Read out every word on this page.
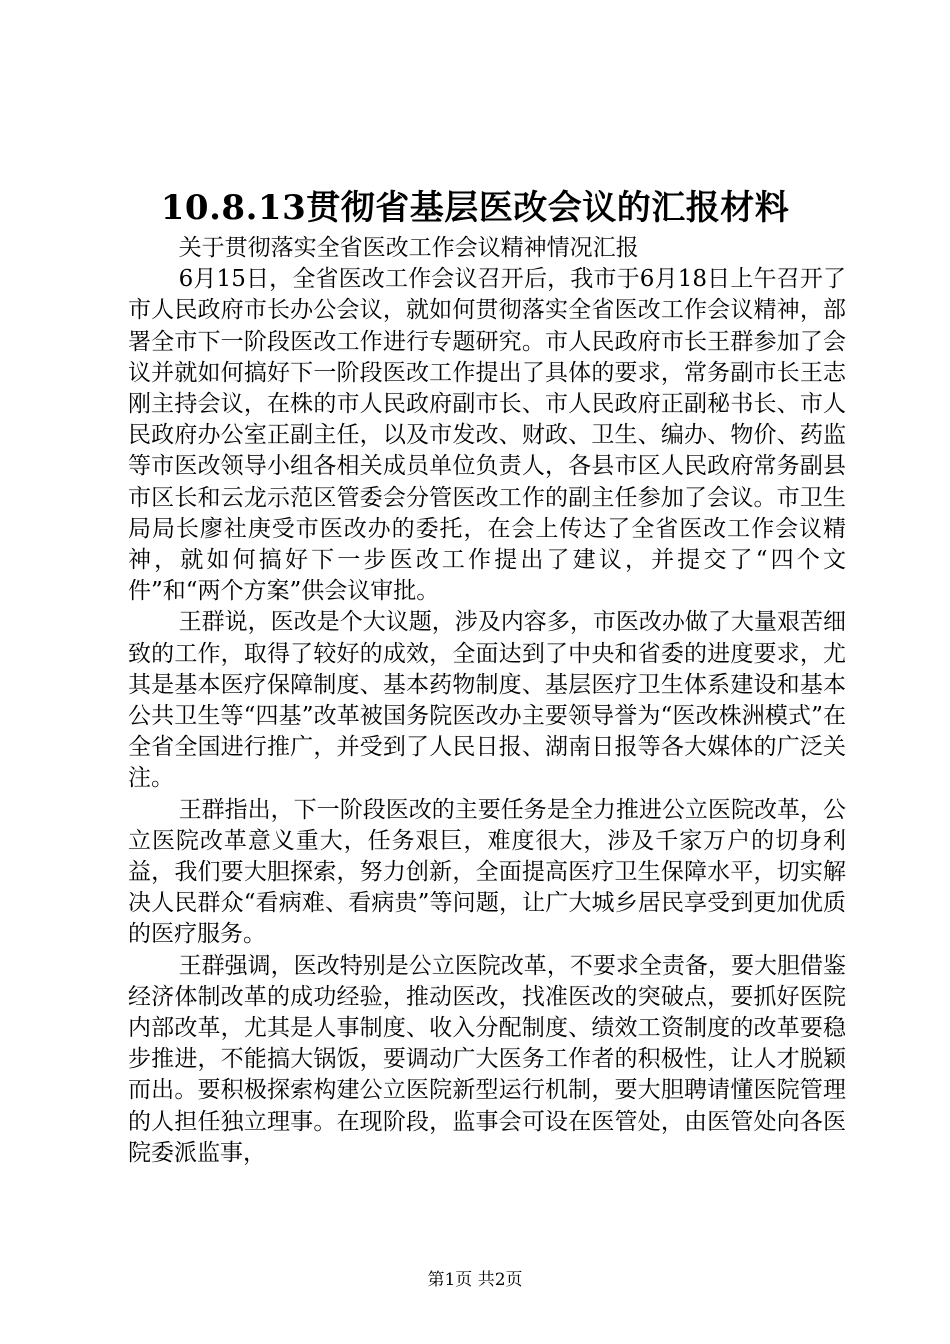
10.8.13贯彻省基层医改会议的汇报材料

关于贯彻落实全省医改工作会议精神情况汇报

6月15日，全省医改工作会议召开后，我市于6月18日上午召开了市人民政府市长办公会议，就如何贯彻落实全省医改工作会议精神，部署全市下一阶段医改工作进行专题研究。市人民政府市长王群参加了会议并就如何搞好下一阶段医改工作提出了具体的要求，常务副市长王志刚主持会议，在株的市人民政府副市长、市人民政府正副秘书长、市人民政府办公室正副主任，以及市发改、财政、卫生、编办、物价、药监等市医改领导小组各相关成员单位负责人，各县市区人民政府常务副县市区长和云龙示范区管委会分管医改工作的副主任参加了会议。市卫生局局长廖社庚受市医改办的委托，在会上传达了全省医改工作会议精神，就如何搞好下一步医改工作提出了建议，并提交了“四个文件”和“两个方案”供会议审批。

王群说，医改是个大议题，涉及内容多，市医改办做了大量艰苦细致的工作，取得了较好的成效，全面达到了中央和省委的进度要求，尤其是基本医疗保障制度、基本药物制度、基层医疗卫生体系建设和基本公共卫生等“四基”改革被国务院医改办主要领导誉为“医改株洲模式”在全省全国进行推广，并受到了人民日报、湖南日报等各大媒体的广泛关注。

王群指出，下一阶段医改的主要任务是全力推进公立医院改革，公立医院改革意义重大，任务艰巨，难度很大，涉及千家万户的切身利益，我们要大胆探索，努力创新，全面提高医疗卫生保障水平，切实解决人民群众“看病难、看病贵”等问题，让广大城乡居民享受到更加优质的医疗服务。

王群强调，医改特别是公立医院改革，不要求全责备，要大胆借鉴经济体制改革的成功经验，推动医改，找准医改的突破点，要抓好医院内部改革，尤其是人事制度、收入分配制度、绩效工资制度的改革要稳步推进，不能搞大锅饭，要调动广大医务工作者的积极性，让人才脱颖而出。要积极探索构建公立医院新型运行机制，要大胆聘请懂医院管理的人担任独立理事。在现阶段，监事会可设在医管处，由医管处向各医院委派监事，

第1页 共2页
